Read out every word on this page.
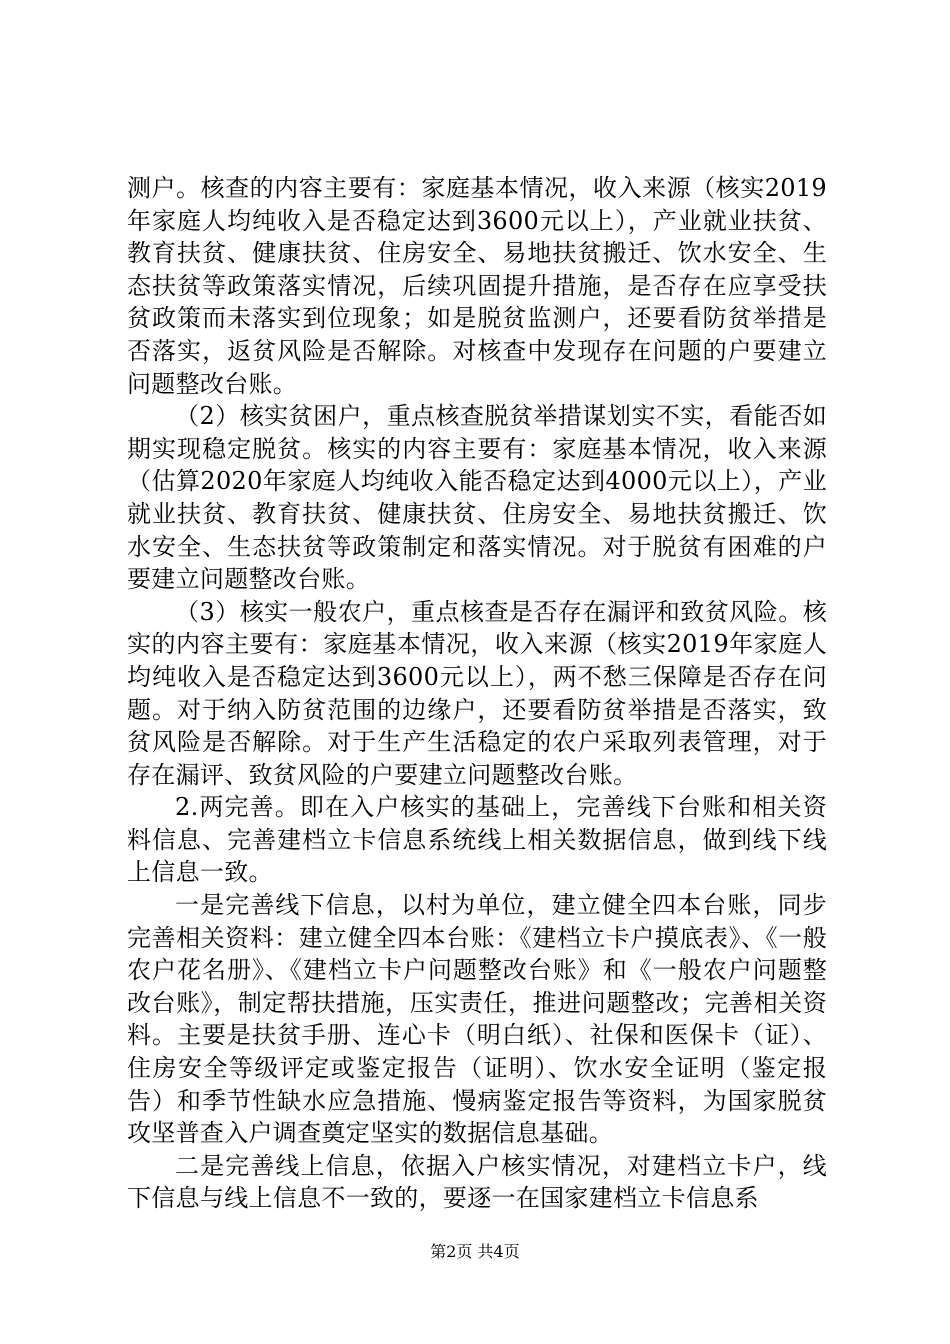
测户。核查的内容主要有：家庭基本情况，收入来源（核实2019年家庭人均纯收入是否稳定达到3600元以上），产业就业扶贫、教育扶贫、健康扶贫、住房安全、易地扶贫搬迁、饮水安全、生态扶贫等政策落实情况，后续巩固提升措施，是否存在应享受扶贫政策而未落实到位现象；如是脱贫监测户，还要看防贫举措是否落实，返贫风险是否解除。对核查中发现存在问题的户要建立问题整改台账。

（2）核实贫困户，重点核查脱贫举措谋划实不实，看能否如期实现稳定脱贫。核实的内容主要有：家庭基本情况，收入来源（估算2020年家庭人均纯收入能否稳定达到4000元以上），产业就业扶贫、教育扶贫、健康扶贫、住房安全、易地扶贫搬迁、饮水安全、生态扶贫等政策制定和落实情况。对于脱贫有困难的户要建立问题整改台账。

（3）核实一般农户，重点核查是否存在漏评和致贫风险。核实的内容主要有：家庭基本情况，收入来源（核实2019年家庭人均纯收入是否稳定达到3600元以上），两不愁三保障是否存在问题。对于纳入防贫范围的边缘户，还要看防贫举措是否落实，致贫风险是否解除。对于生产生活稳定的农户采取列表管理，对于存在漏评、致贫风险的户要建立问题整改台账。

2.两完善。即在入户核实的基础上，完善线下台账和相关资料信息、完善建档立卡信息系统线上相关数据信息，做到线下线上信息一致。

一是完善线下信息，以村为单位，建立健全四本台账，同步完善相关资料：建立健全四本台账：《建档立卡户摸底表》、《一般农户花名册》、《建档立卡户问题整改台账》和《一般农户问题整改台账》，制定帮扶措施，压实责任，推进问题整改；完善相关资料。主要是扶贫手册、连心卡（明白纸）、社保和医保卡（证）、住房安全等级评定或鉴定报告（证明）、饮水安全证明（鉴定报告）和季节性缺水应急措施、慢病鉴定报告等资料，为国家脱贫攻坚普查入户调查奠定坚实的数据信息基础。

二是完善线上信息，依据入户核实情况，对建档立卡户，线下信息与线上信息不一致的，要逐一在国家建档立卡信息系

第2页 共4页
